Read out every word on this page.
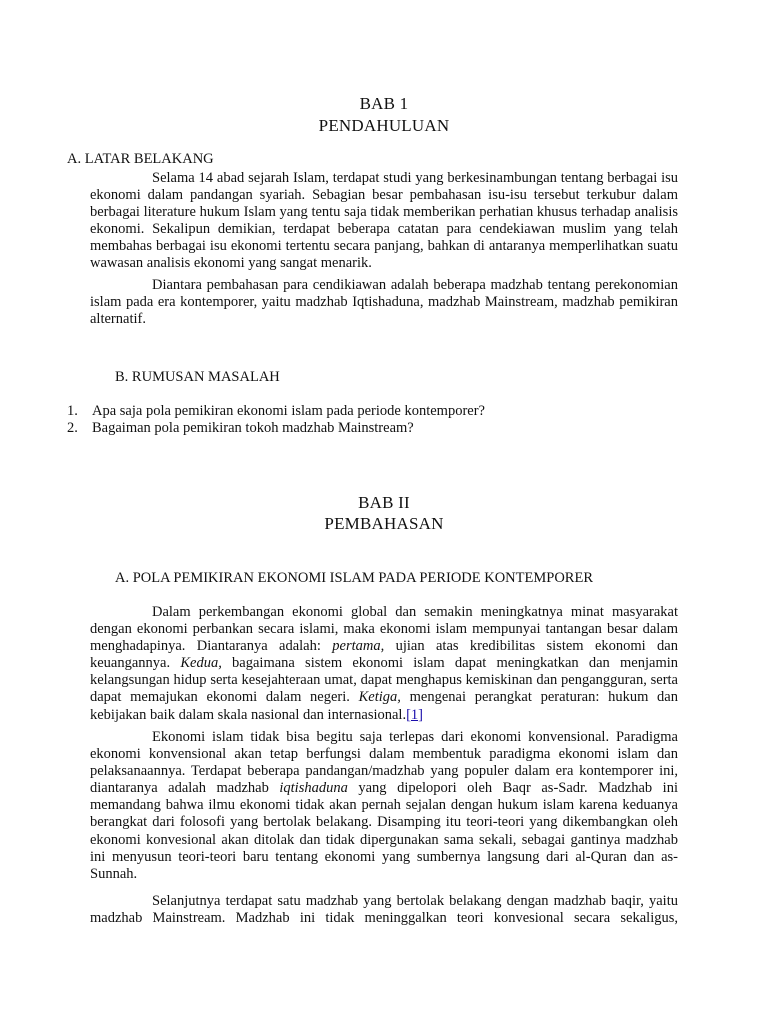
BAB 1
PENDAHULUAN
A. LATAR BELAKANG

Selama 14 abad sejarah Islam, terdapat studi yang berkesinambungan tentang berbagai isu ekonomi dalam pandangan syariah. Sebagian besar pembahasan isu-isu tersebut terkubur dalam berbagai literature hukum Islam yang tentu saja tidak memberikan perhatian khusus terhadap analisis ekonomi. Sekalipun demikian, terdapat beberapa catatan para cendekiawan muslim yang telah membahas berbagai isu ekonomi tertentu secara panjang, bahkan di antaranya memperlihatkan suatu wawasan analisis ekonomi yang sangat menarik.

Diantara pembahasan para cendikiawan adalah beberapa madzhab tentang perekonomian islam pada era kontemporer, yaitu madzhab Iqtishaduna, madzhab Mainstream, madzhab pemikiran alternatif.

B. RUMUSAN MASALAH
1. Apa saja pola pemikiran ekonomi islam pada periode kontemporer?
2. Bagaiman pola pemikiran tokoh madzhab Mainstream?
BAB II
PEMBAHASAN
A. POLA PEMIKIRAN EKONOMI ISLAM PADA PERIODE KONTEMPORER

Dalam perkembangan ekonomi global dan semakin meningkatnya minat masyarakat dengan ekonomi perbankan secara islami, maka ekonomi islam mempunyai tantangan besar dalam menghadapinya. Diantaranya adalah: pertama, ujian atas kredibilitas sistem ekonomi dan keuangannya. Kedua, bagaimana sistem ekonomi islam dapat meningkatkan dan menjamin kelangsungan hidup serta kesejahteraan umat, dapat menghapus kemiskinan dan pengangguran, serta dapat memajukan ekonomi dalam negeri. Ketiga, mengenai perangkat peraturan: hukum dan kebijakan baik dalam skala nasional dan internasional.[1]

Ekonomi islam tidak bisa begitu saja terlepas dari ekonomi konvensional. Paradigma ekonomi konvensional akan tetap berfungsi dalam membentuk paradigma ekonomi islam dan pelaksanaannya. Terdapat beberapa pandangan/madzhab yang populer dalam era kontemporer ini, diantaranya adalah madzhab iqtishaduna yang dipelopori oleh Baqr as-Sadr. Madzhab ini memandang bahwa ilmu ekonomi tidak akan pernah sejalan dengan hukum islam karena keduanya berangkat dari folosofi yang bertolak belakang. Disamping itu teori-teori yang dikembangkan oleh ekonomi konvesional akan ditolak dan tidak dipergunakan sama sekali, sebagai gantinya madzhab ini menyusun teori-teori baru tentang ekonomi yang sumbernya langsung dari al-Quran dan as-Sunnah.

Selanjutnya terdapat satu madzhab yang bertolak belakang dengan madzhab baqir, yaitu madzhab Mainstream. Madzhab ini tidak meninggalkan teori konvesional secara sekaligus,
